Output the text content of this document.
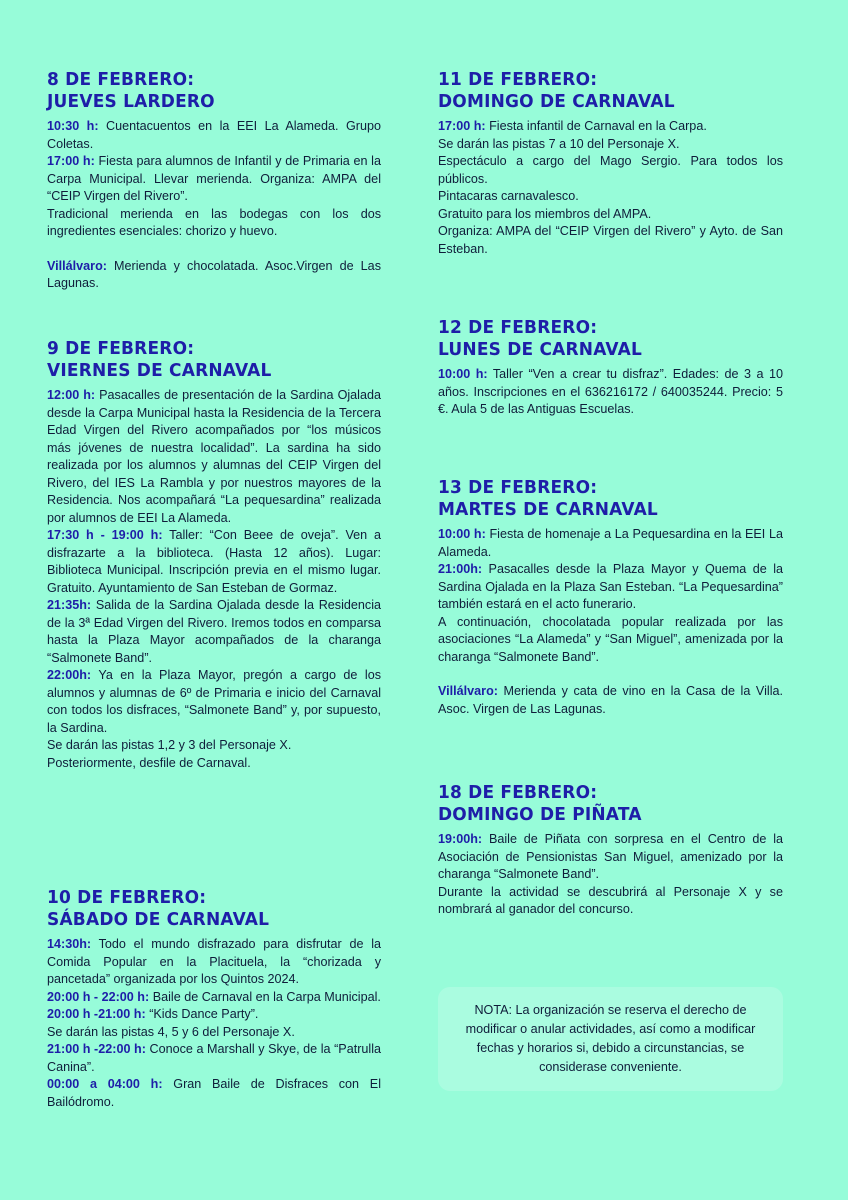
8 DE FEBRERO:
JUEVES LARDERO

10:30 h: Cuentacuentos en la EEI La Alameda. Grupo Coletas.

17:00 h: Fiesta para alumnos de Infantil y de Primaria en la Carpa Municipal. Llevar merienda. Organiza: AMPA del “CEIP Virgen del Rivero”.

Tradicional merienda en las bodegas con los dos ingredientes esenciales: chorizo y huevo.

Villálvaro: Merienda y chocolatada. Asoc.Virgen de Las Lagunas.

9 DE FEBRERO:
VIERNES DE CARNAVAL

12:00 h: Pasacalles de presentación de la Sardina Ojalada desde la Carpa Municipal hasta la Residencia de la Tercera Edad Virgen del Rivero acompañados por “los músicos más jóvenes de nuestra localidad”. La sardina ha sido realizada por los alumnos y alumnas del CEIP Virgen del Rivero, del IES La Rambla y por nuestros mayores de la Residencia. Nos acompañará “La pequesardina” realizada por alumnos de EEI La Alameda.

17:30 h - 19:00 h: Taller: “Con Beee de oveja”. Ven a disfrazarte a la biblioteca. (Hasta 12 años). Lugar: Biblioteca Municipal. Inscripción previa en el mismo lugar. Gratuito. Ayuntamiento de San Esteban de Gormaz.

21:35h: Salida de la Sardina Ojalada desde la Residencia de la 3ª Edad Virgen del Rivero. Iremos todos en comparsa hasta la Plaza Mayor acompañados de la charanga “Salmonete Band”.

22:00h: Ya en la Plaza Mayor, pregón a cargo de los alumnos y alumnas de 6º de Primaria e inicio del Carnaval con todos los disfraces, “Salmonete Band” y, por supuesto, la Sardina.

Se darán las pistas 1,2 y 3 del Personaje X.

Posteriormente, desfile de Carnaval.

10 DE FEBRERO:
SÁBADO DE CARNAVAL

14:30h: Todo el mundo disfrazado para disfrutar de la Comida Popular en la Placituela, la “chorizada y pancetada” organizada por los Quintos 2024.

20:00 h - 22:00 h: Baile de Carnaval en la Carpa Municipal.

20:00 h -21:00 h: “Kids Dance Party”.

Se darán las pistas 4, 5 y 6 del Personaje X.

21:00 h -22:00 h: Conoce a Marshall y Skye, de la “Patrulla Canina”.

00:00 a 04:00 h: Gran Baile de Disfraces con El Bailódromo.

11 DE FEBRERO:
DOMINGO DE CARNAVAL

17:00 h: Fiesta infantil de Carnaval en la Carpa.

Se darán las pistas 7 a 10 del Personaje X.

Espectáculo a cargo del Mago Sergio. Para todos los públicos.

Pintacaras carnavalesco.

Gratuito para los miembros del AMPA.

Organiza: AMPA del “CEIP Virgen del Rivero” y Ayto. de San Esteban.

12 DE FEBRERO:
LUNES DE CARNAVAL

10:00 h: Taller “Ven a crear tu disfraz”. Edades: de 3 a 10 años. Inscripciones en el 636216172 / 640035244. Precio: 5 €. Aula 5 de las Antiguas Escuelas.

13 DE FEBRERO:
MARTES DE CARNAVAL

10:00 h: Fiesta de homenaje a La Pequesardina en la EEI La Alameda.

21:00h: Pasacalles desde la Plaza Mayor y Quema de la Sardina Ojalada en la Plaza San Esteban. “La Pequesardina” también estará en el acto funerario.

A continuación, chocolatada popular realizada por las asociaciones “La Alameda” y “San Miguel”, amenizada por la charanga “Salmonete Band”.

Villálvaro: Merienda y cata de vino en la Casa de la Villa. Asoc. Virgen de Las Lagunas.

18 DE FEBRERO:
DOMINGO DE PIÑATA

19:00h: Baile de Piñata con sorpresa en el Centro de la Asociación de Pensionistas San Miguel, amenizado por la charanga “Salmonete Band”.

Durante la actividad se descubrirá al Personaje X y se nombrará al ganador del concurso.

NOTA: La organización se reserva el derecho de modificar o anular actividades, así como a modificar fechas y horarios si, debido a circunstancias, se considerase conveniente.
